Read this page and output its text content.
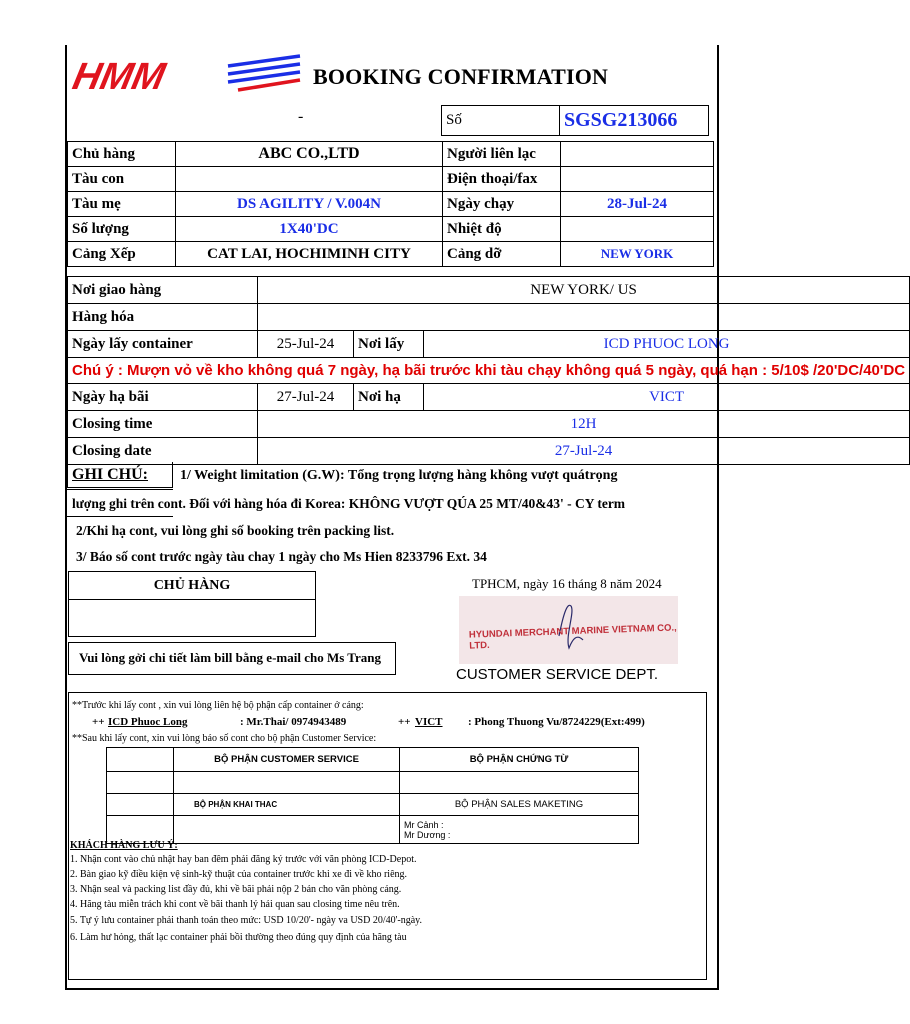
HMM	BOOKING CONFIRMATION
-	Số	SGSG213066
Chủ hàng	ABC CO.,LTD	Người liên lạc	
Tàu con		Điện thoại/fax	
Tàu mẹ	DS AGILITY / V.004N	Ngày chạy	28-Jul-24
Số lượng	1X40'DC	Nhiệt độ	
Cảng Xếp	CAT LAI, HOCHIMINH CITY	Cảng dỡ	NEW YORK
Nơi giao hàng	NEW YORK/ US		
Hàng hóa			
Ngày lấy container	25-Jul-24	Nơi lấy	ICD PHUOC LONG
Chú ý : Mượn vỏ về kho không quá 7 ngày, hạ bãi trước khi tàu chạy không quá 5 ngày, quá hạn : 5/10$ /20'DC/40'DC			
Ngày hạ bãi	27-Jul-24	Nơi hạ	VICT
Closing time	12H		
Closing date	27-Jul-24		
GHI CHÚ: 1/ Weight limitation (G.W): Tổng trọng lượng hàng không vượt quátrọng
lượng ghi trên cont. Đối với hàng hóa đi Korea: KHÔNG VƯỢT QÚA 25 MT/40&43' - CY term
2/Khi hạ cont, vui lòng ghi số booking trên packing list.
3/ Báo số cont trước ngày tàu chay 1 ngày cho Ms Hien 8233796 Ext. 34
CHỦ HÀNG	TPHCM, ngày 16 tháng 8 năm 2024
HYUNDAI MERCHANT MARINE VIETNAM CO., LTD.
Vui lòng gởi chi tiết làm bill bằng e-mail cho Ms Trang
CUSTOMER SERVICE DEPT.
**Trước khi lấy cont , xin vui lòng liên hệ bộ phận cấp container ở cảng:
++ ICD Phuoc Long	: Mr.Thai/ 0974943489	++ VICT : Phong Thuong Vu/8724229(Ext:499)
**Sau khi lấy cont, xin vui lòng báo số cont cho bộ phận Customer Service:
	BỘ PHẬN CUSTOMER SERVICE	BỘ PHẬN CHỨNG TỪ

	BỘ PHẬN KHAI THAC	BỘ PHẬN SALES MAKETING

		Mr Cảnh :
Mr Dương :
KHÁCH HÀNG LƯU Ý:
1. Nhận cont vào chủ nhật hay ban đêm phải đăng ký trước với văn phòng ICD-Depot.
2. Bàn giao kỹ điều kiện vệ sinh-kỹ thuật của container trước khi xe đi về kho riêng.
3. Nhận seal và packing list đầy đủ, khi về bãi phải nộp 2 bản cho văn phòng cảng.
4. Hãng tàu miễn trách khi cont về bãi thanh lý hải quan sau closing time nêu trên.
5. Tự ý lưu container phải thanh toán theo mức: USD 10/20'- ngày va USD 20/40'-ngày.
6. Làm hư hỏng, thất lạc container phải bồi thường theo đúng quy định của hãng tàu
